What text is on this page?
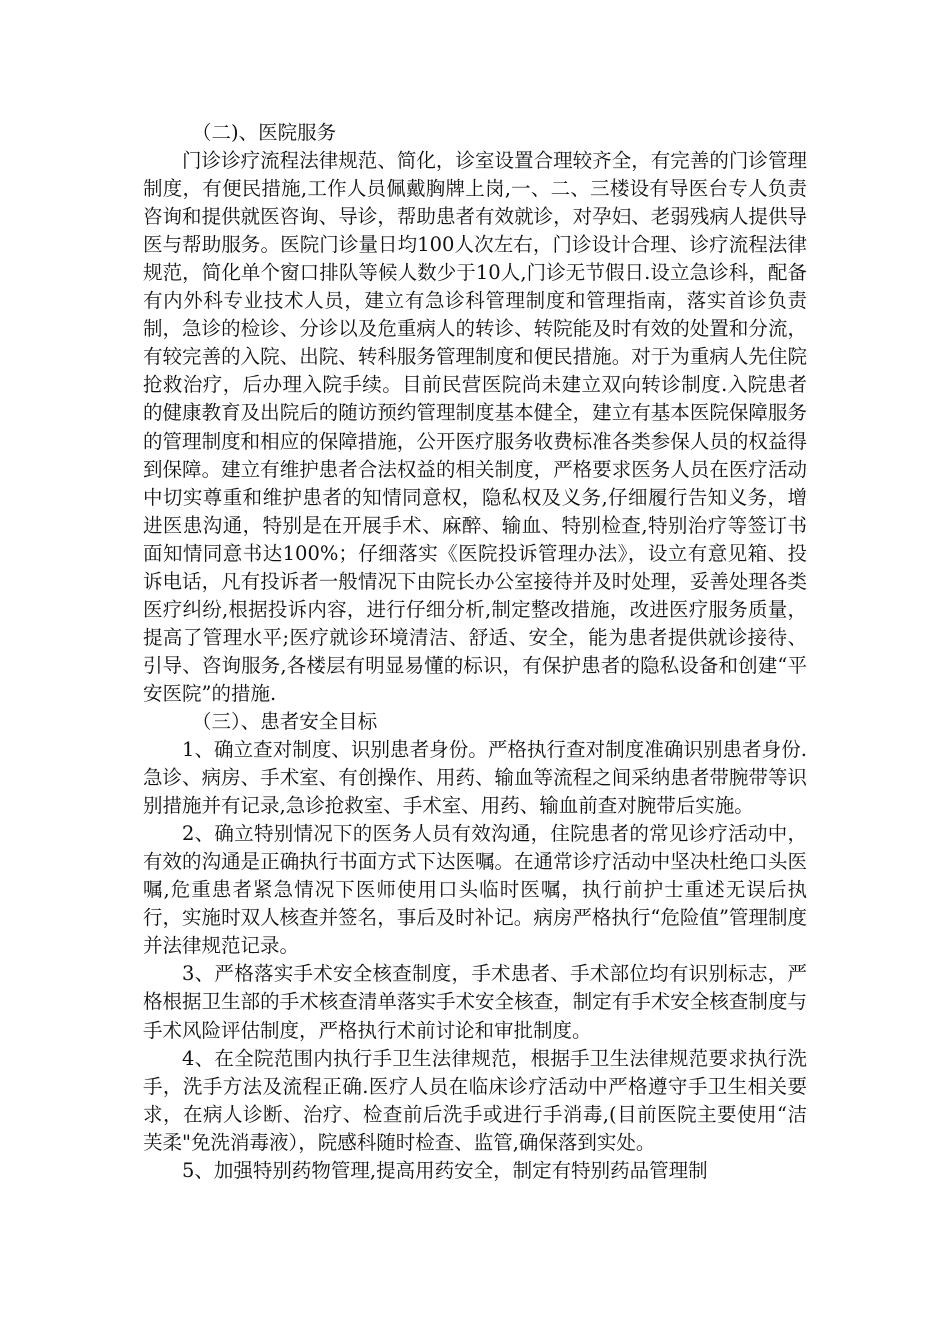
（二)、医院服务

门诊诊疗流程法律规范、简化，诊室设置合理较齐全，有完善的门诊管理制度，有便民措施,工作人员佩戴胸牌上岗,一、二、三楼设有导医台专人负责咨询和提供就医咨询、导诊，帮助患者有效就诊，对孕妇、老弱残病人提供导医与帮助服务。医院门诊量日均100人次左右，门诊设计合理、诊疗流程法律规范，简化单个窗口排队等候人数少于10人,门诊无节假日.设立急诊科，配备有内外科专业技术人员，建立有急诊科管理制度和管理指南，落实首诊负责制，急诊的检诊、分诊以及危重病人的转诊、转院能及时有效的处置和分流，有较完善的入院、出院、转科服务管理制度和便民措施。对于为重病人先住院抢救治疗，后办理入院手续。目前民营医院尚未建立双向转诊制度.入院患者的健康教育及出院后的随访预约管理制度基本健全，建立有基本医院保障服务的管理制度和相应的保障措施，公开医疗服务收费标准各类参保人员的权益得到保障。建立有维护患者合法权益的相关制度，严格要求医务人员在医疗活动中切实尊重和维护患者的知情同意权，隐私权及义务,仔细履行告知义务，增进医患沟通，特别是在开展手术、麻醉、输血、特别检查,特别治疗等签订书面知情同意书达100%；仔细落实《医院投诉管理办法》，设立有意见箱、投诉电话，凡有投诉者一般情况下由院长办公室接待并及时处理，妥善处理各类医疗纠纷,根据投诉内容，进行仔细分析,制定整改措施，改进医疗服务质量，提高了管理水平;医疗就诊环境清洁、舒适、安全，能为患者提供就诊接待、引导、咨询服务,各楼层有明显易懂的标识，有保护患者的隐私设备和创建“平安医院”的措施.

（三）、患者安全目标

1、确立查对制度、识别患者身份。严格执行查对制度准确识别患者身份.急诊、病房、手术室、有创操作、用药、输血等流程之间采纳患者带腕带等识别措施并有记录,急诊抢救室、手术室、用药、输血前查对腕带后实施。

2、确立特别情况下的医务人员有效沟通，住院患者的常见诊疗活动中，有效的沟通是正确执行书面方式下达医嘱。在通常诊疗活动中坚决杜绝口头医嘱,危重患者紧急情况下医师使用口头临时医嘱，执行前护士重述无误后执行，实施时双人核查并签名，事后及时补记。病房严格执行“危险值”管理制度并法律规范记录。

3、严格落实手术安全核查制度，手术患者、手术部位均有识别标志，严格根据卫生部的手术核查清单落实手术安全核查，制定有手术安全核查制度与手术风险评估制度，严格执行术前讨论和审批制度。

4、在全院范围内执行手卫生法律规范，根据手卫生法律规范要求执行洗手，洗手方法及流程正确.医疗人员在临床诊疗活动中严格遵守手卫生相关要求，在病人诊断、治疗、检查前后洗手或进行手消毒,(目前医院主要使用“洁芙柔"免洗消毒液），院感科随时检查、监管,确保落到实处。

5、加强特别药物管理,提高用药安全，制定有特别药品管理制
